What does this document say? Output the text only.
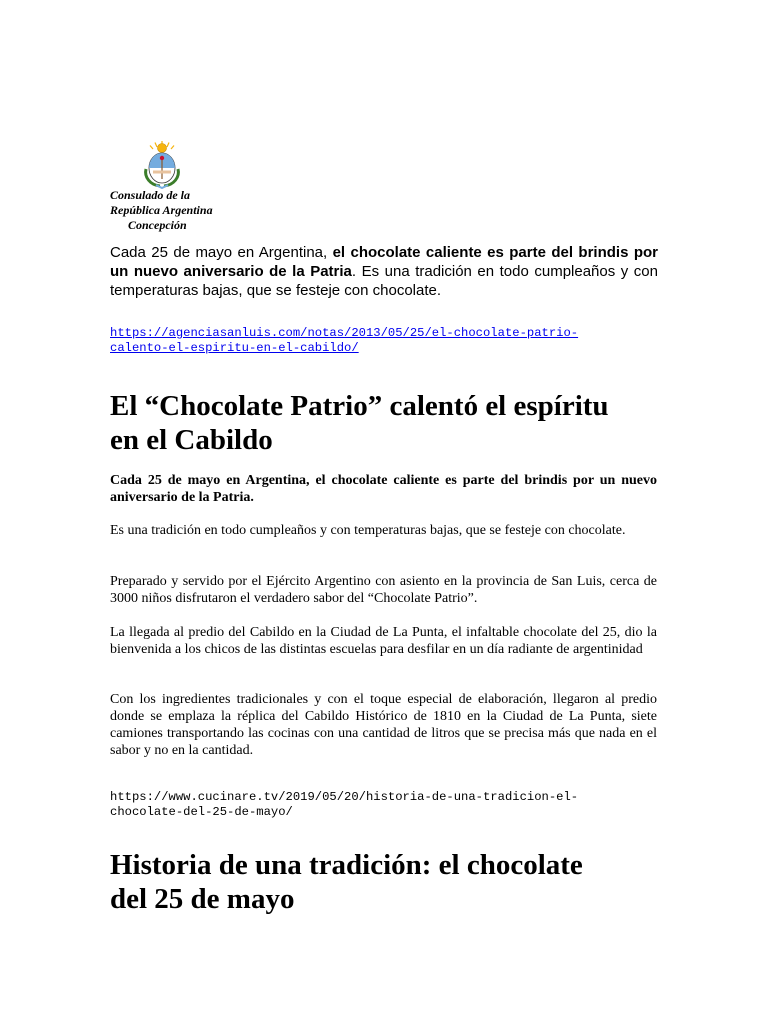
Consulado de la
República Argentina
Concepción

Cada 25 de mayo en Argentina, el chocolate caliente es parte del brindis por un nuevo aniversario de la Patria. Es una tradición en todo cumpleaños y con temperaturas bajas, que se festeje con chocolate.

https://agenciasanluis.com/notas/2013/05/25/el-chocolate-patrio-
calento-el-espiritu-en-el-cabildo/
El “Chocolate Patrio” calentó el espíritu
en el Cabildo

Cada 25 de mayo en Argentina, el chocolate caliente es parte del brindis por un nuevo aniversario de la Patria.

Es una tradición en todo cumpleaños y con temperaturas bajas, que se festeje con chocolate.

Preparado y servido por el Ejército Argentino con asiento en la provincia de San Luis, cerca de 3000 niños disfrutaron el verdadero sabor del “Chocolate Patrio”.

La llegada al predio del Cabildo en la Ciudad de La Punta, el infaltable chocolate del 25, dio la bienvenida a los chicos de las distintas escuelas para desfilar en un día radiante de argentinidad

Con los ingredientes tradicionales y con el toque especial de elaboración, llegaron al predio donde se emplaza la réplica del Cabildo Histórico de 1810 en la Ciudad de La Punta, siete camiones transportando las cocinas con una cantidad de litros que se precisa más que nada en el sabor y no en la cantidad.

https://www.cucinare.tv/2019/05/20/historia-de-una-tradicion-el-
chocolate-del-25-de-mayo/
Historia de una tradición: el chocolate
del 25 de mayo
